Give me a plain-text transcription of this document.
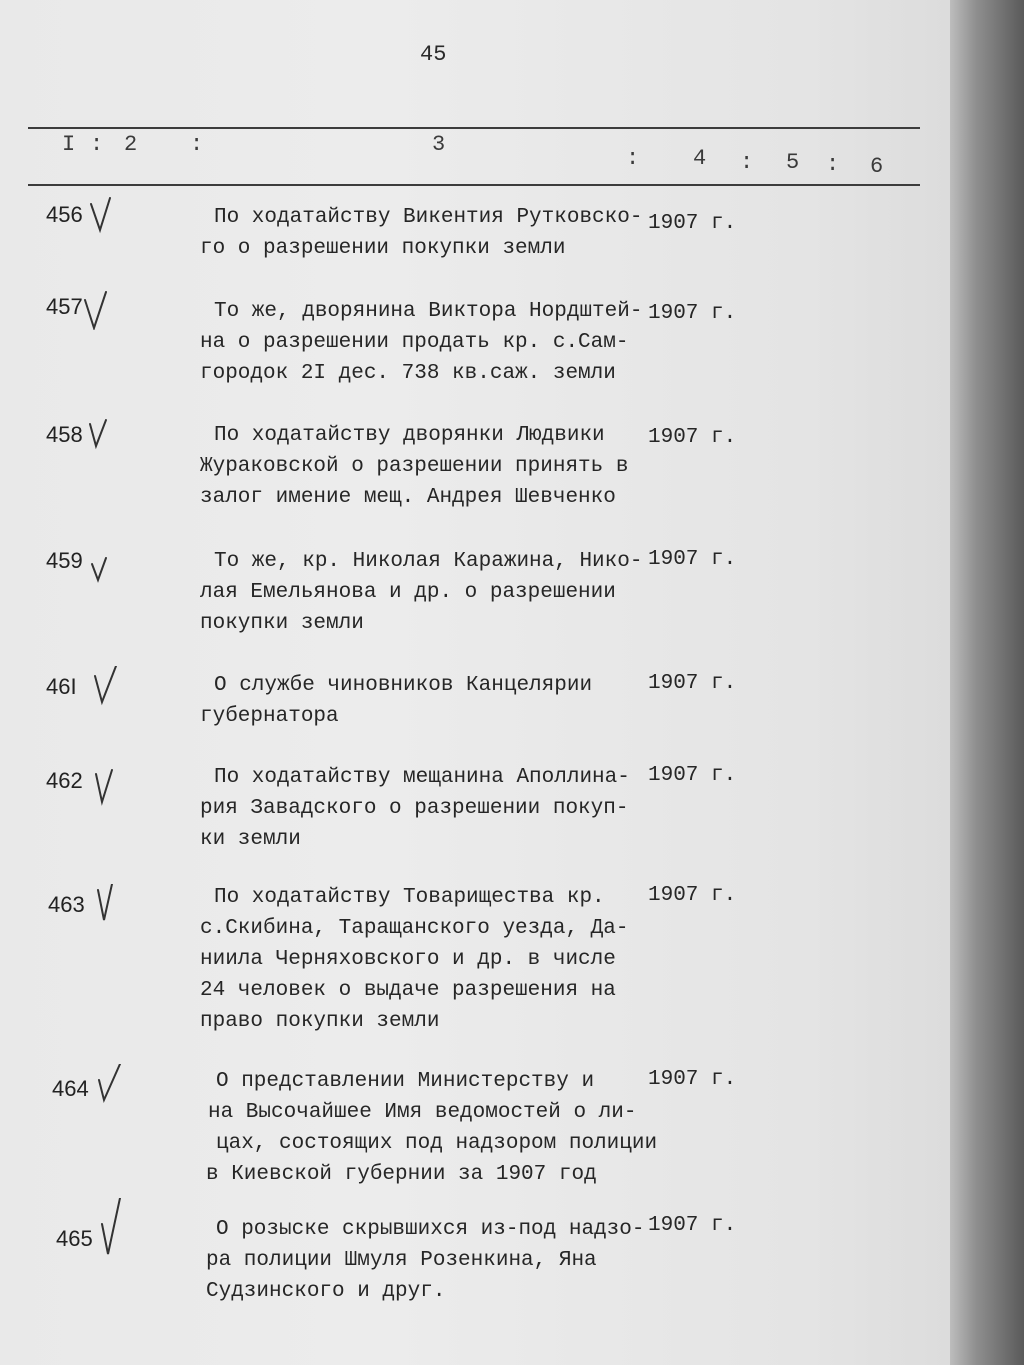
45
I : 2 :	3
: 4 : 5 : 6
456	По ходатайству Викентия Рутковско-
го о разрешении покупки земли
1907 г.
457	То же, дворянина Виктора Нордштей-
на о разрешении продать кр. с.Сам-
городок 2I дес. 738 кв.саж. земли
1907 г.
458	По ходатайству дворянки Людвики
Жураковской о разрешении принять в
залог имение мещ. Андрея Шевченко
1907 г.
459	То же, кр. Николая Каражина, Нико-
лая Емельянова и др. о разрешении
покупки земли
1907 г.
46I	О службе чиновников Канцелярии
губернатора
1907 г.
462	По ходатайству мещанина Аполлина-
рия Завадского о разрешении покуп-
ки земли
1907 г.
463	По ходатайству Товарищества кр.
с.Скибина, Таращанского уезда, Да-
ниила Черняховского и др. в числе
24 человек о выдаче разрешения на
право покупки земли
1907 г.
464	О представлении Министерству и
на Высочайшее Имя ведомостей о ли-
цах, состоящих под надзором полиции
в Киевской губернии за 1907 год
1907 г.
465	О розыске скрывшихся из-под надзо-
ра полиции Шмуля Розенкина, Яна
Судзинского и друг.
1907 г.
